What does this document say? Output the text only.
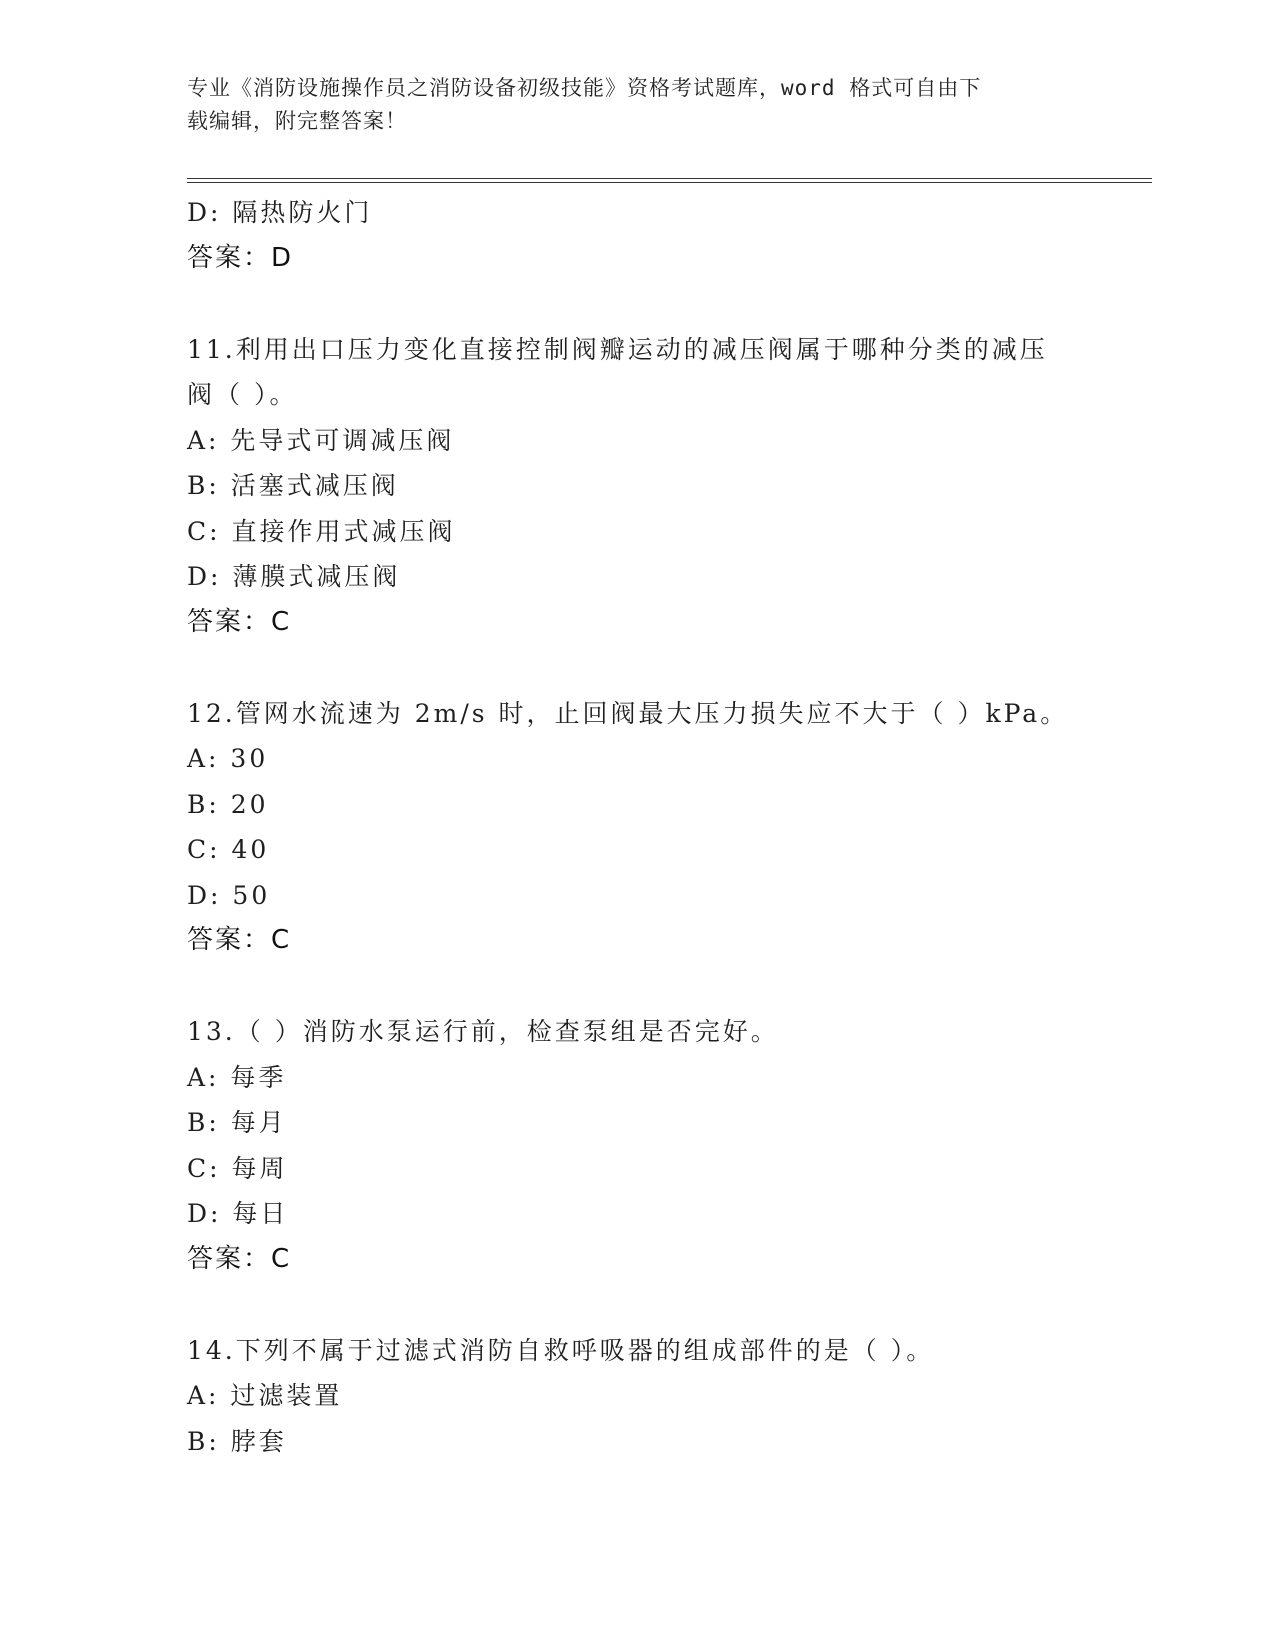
专业《消防设施操作员之消防设备初级技能》资格考试题库，word 格式可自由下
载编辑，附完整答案！
D: 隔热防火门
答案：D
11.利用出口压力变化直接控制阀瓣运动的减压阀属于哪种分类的减压
阀（ ）。
A: 先导式可调减压阀
B: 活塞式减压阀
C: 直接作用式减压阀
D: 薄膜式减压阀
答案：C
12.管网水流速为 2m/s 时，止回阀最大压力损失应不大于（ ）kPa。
A: 30
B: 20
C: 40
D: 50
答案：C
13.（ ）消防水泵运行前，检查泵组是否完好。
A: 每季
B: 每月
C: 每周
D: 每日
答案：C
14.下列不属于过滤式消防自救呼吸器的组成部件的是（ ）。
A: 过滤装置
B: 脖套
